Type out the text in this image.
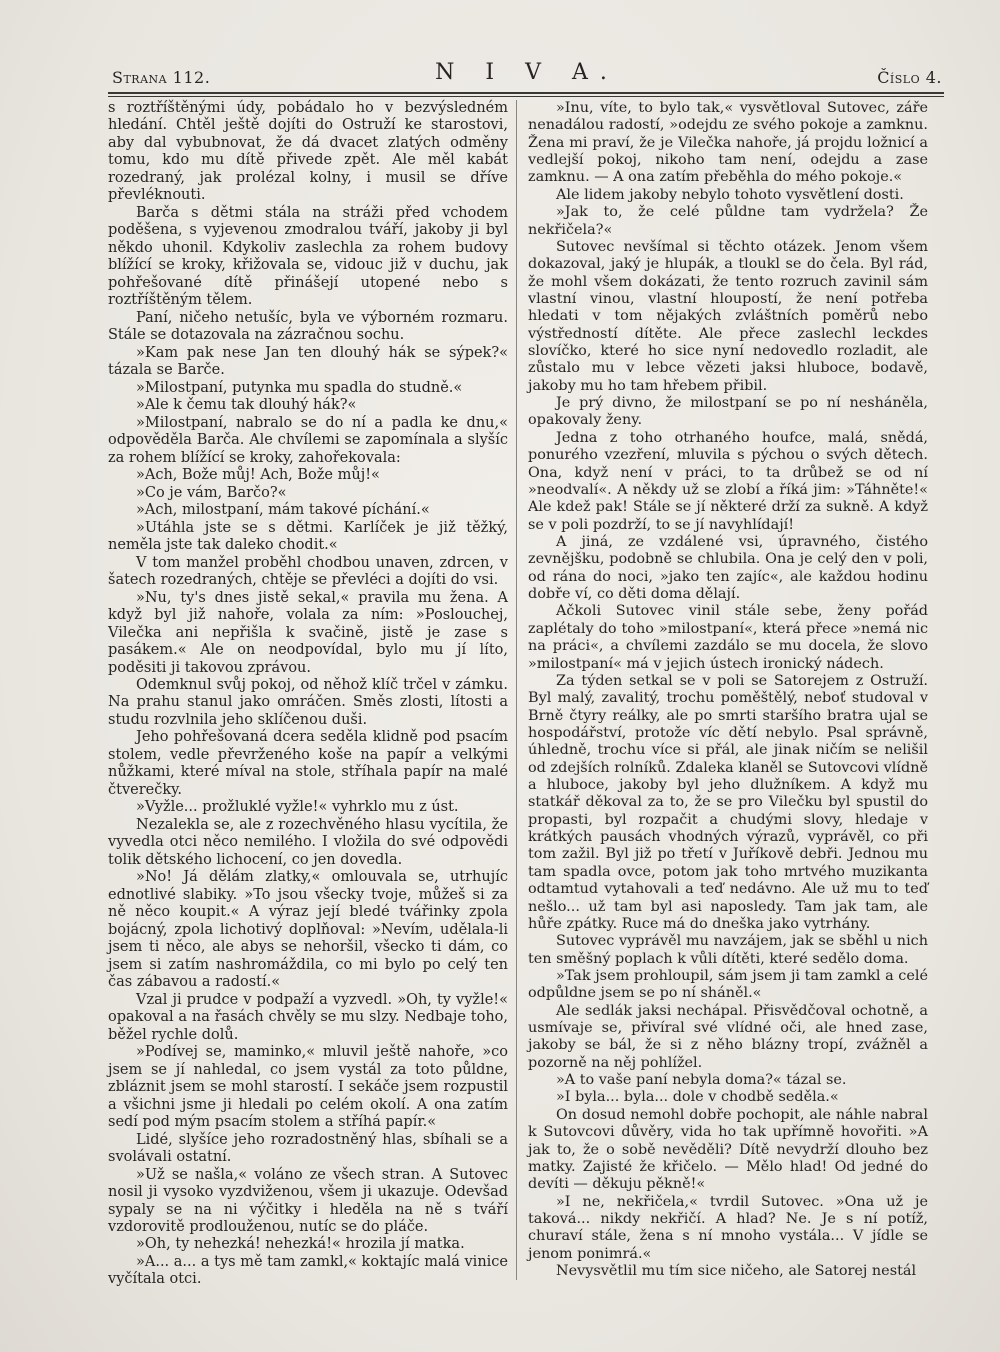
Strana 112.	N I V A.	Číslo 4.

s roztříštěnými údy, pobádalo ho v bezvýsledném hledání. Chtěl ještě dojíti do Ostruží ke starostovi, aby dal vybubnovat, že dá dvacet zlatých odměny tomu, kdo mu dítě přivede zpět. Ale měl kabát rozedraný, jak prolézal kolny, i musil se dříve převléknouti.

Barča s dětmi stála na stráži před vchodem poděšena, s vyjevenou zmodralou tváří, jakoby ji byl někdo uhonil. Kdykoliv zaslechla za rohem budovy blížící se kroky, křižovala se, vidouc již v duchu, jak pohřešované dítě přinášejí utopené nebo s roztříštěným tělem.

Paní, ničeho netušíc, byla ve výborném rozmaru. Stále se dotazovala na zázračnou sochu.

»Kam pak nese Jan ten dlouhý hák se sýpek?« tázala se Barče.

»Milostpaní, putynka mu spadla do studně.«

»Ale k čemu tak dlouhý hák?«

»Milostpaní, nabralo se do ní a padla ke dnu,« odpověděla Barča. Ale chvílemi se zapomínala a slyšíc za rohem blížící se kroky, zahořekovala:

»Ach, Bože můj! Ach, Bože můj!«

»Co je vám, Barčo?«

»Ach, milostpaní, mám takové píchání.«

»Utáhla jste se s dětmi. Karlíček je již těžký, neměla jste tak daleko chodit.«

V tom manžel proběhl chodbou unaven, zdrcen, v šatech rozedraných, chtěje se převléci a dojíti do vsi.

»Nu, ty's dnes jistě sekal,« pravila mu žena. A když byl již nahoře, volala za ním: »Poslouchej, Vilečka ani nepřišla k svačině, jistě je zase s pasákem.« Ale on neodpovídal, bylo mu jí líto, poděsiti ji takovou zprávou.

Odemknul svůj pokoj, od něhož klíč trčel v zámku. Na prahu stanul jako omráčen. Směs zlosti, lítosti a studu rozvlnila jeho sklíčenou duši.

Jeho pohřešovaná dcera seděla klidně pod psacím stolem, vedle převrženého koše na papír a velkými nůžkami, které míval na stole, stříhala papír na malé čtverečky.

»Vyžle... prožluklé vyžle!« vyhrklo mu z úst.

Nezalekla se, ale z rozechvěného hlasu vycítila, že vyvedla otci něco nemilého. I vložila do své odpovědi tolik dětského lichocení, co jen dovedla.

»No! Já dělám zlatky,« omlouvala se, utrhujíc ednotlivé slabiky. »To jsou všecky tvoje, můžeš si za ně něco koupit.« A výraz její bledé tvářinky zpola bojácný, zpola lichotivý doplňoval: »Nevím, udělala-li jsem ti něco, ale abys se nehoršil, všecko ti dám, co jsem si zatím nashromáždila, co mi bylo po celý ten čas zábavou a radostí.«

Vzal ji prudce v podpaží a vyzvedl. »Oh, ty vyžle!« opakoval a na řasách chvěly se mu slzy. Nedbaje toho, běžel rychle dolů.

»Podívej se, maminko,« mluvil ještě nahoře, »co jsem se jí nahledal, co jsem vystál za toto půldne, zbláznit jsem se mohl starostí. I sekáče jsem rozpustil a všichni jsme ji hledali po celém okolí. A ona zatím sedí pod mým psacím stolem a stříhá papír.«

Lidé, slyšíce jeho rozradostněný hlas, sbíhali se a svolávali ostatní.

»Už se našla,« voláno ze všech stran. A Sutovec nosil ji vysoko vyzdviženou, všem ji ukazuje. Odevšad sypaly se na ni výčitky i hleděla na ně s tváří vzdorovitě prodlouženou, nutíc se do pláče.

»Oh, ty nehezká! nehezká!« hrozila jí matka.

»A... a... a tys mě tam zamkl,« koktajíc malá vinice vyčítala otci.

»Inu, víte, to bylo tak,« vysvětloval Sutovec, záře nenadálou radostí, »odejdu ze svého pokoje a zamknu. Žena mi praví, že je Vilečka nahoře, já projdu ložnicí a vedlejší pokoj, nikoho tam není, odejdu a zase zamknu. — A ona zatím přeběhla do mého pokoje.«

Ale lidem jakoby nebylo tohoto vysvětlení dosti.

»Jak to, že celé půldne tam vydržela? Že nekřičela?«

Sutovec nevšímal si těchto otázek. Jenom všem dokazoval, jaký je hlupák, a tloukl se do čela. Byl rád, že mohl všem dokázati, že tento rozruch zavinil sám vlastní vinou, vlastní hloupostí, že není potřeba hledati v tom nějakých zvláštních poměrů nebo výstředností dítěte. Ale přece zaslechl leckdes slovíčko, které ho sice nyní nedovedlo rozladit, ale zůstalo mu v lebce vězeti jaksi hluboce, bodavě, jakoby mu ho tam hřebem přibil.

Je prý divno, že milostpaní se po ní nesháněla, opakovaly ženy.

Jedna z toho otrhaného houfce, malá, snědá, ponurého vzezření, mluvila s pýchou o svých dětech. Ona, když není v práci, to ta drůbež se od ní »neodvalí«. A někdy už se zlobí a říká jim: »Táhněte!« Ale kdež pak! Stále se jí některé drží za sukně. A když se v poli pozdrží, to se jí navyhlídají!

A jiná, ze vzdálené vsi, úpravného, čistého zevnějšku, podobně se chlubila. Ona je celý den v poli, od rána do noci, »jako ten zajíc«, ale každou hodinu dobře ví, co děti doma dělají.

Ačkoli Sutovec vinil stále sebe, ženy pořád zaplétaly do toho »milostpaní«, která přece »nemá nic na práci«, a chvílemi zazdálo se mu docela, že slovo »milostpaní« má v jejich ústech ironický nádech.

Za týden setkal se v poli se Satorejem z Ostruží. Byl malý, zavalitý, trochu poměštělý, neboť studoval v Brně čtyry reálky, ale po smrti staršího bratra ujal se hospodářství, protože víc dětí nebylo. Psal správně, úhledně, trochu více si přál, ale jinak ničím se nelišil od zdejších rolníků. Zdaleka klaněl se Sutovcovi vlídně a hluboce, jakoby byl jeho dlužníkem. A když mu statkář děkoval za to, že se pro Vilečku byl spustil do propasti, byl rozpačit a chudými slovy, hledaje v krátkých pausách vhodných výrazů, vyprávěl, co při tom zažil. Byl již po třetí v Juříkově debři. Jednou mu tam spadla ovce, potom jak toho mrtvého muzikanta odtamtud vytahovali a teď nedávno. Ale už mu to teď nešlo... už tam byl asi naposledy. Tam jak tam, ale hůře zpátky. Ruce má do dneška jako vytrhány.

Sutovec vyprávěl mu navzájem, jak se sběhl u nich ten směšný poplach k vůli dítěti, které sedělo doma.

»Tak jsem prohloupil, sám jsem ji tam zamkl a celé odpůldne jsem se po ní sháněl.«

Ale sedlák jaksi nechápal. Přisvědčoval ochotně, a usmívaje se, přivíral své vlídné oči, ale hned zase, jakoby se bál, že si z něho blázny tropí, zvážněl a pozorně na něj pohlížel.

»A to vaše paní nebyla doma?« tázal se.

»I byla... byla... dole v chodbě seděla.«

On dosud nemohl dobře pochopit, ale náhle nabral k Sutovcovi důvěry, vida ho tak upřímně hovořiti. »A jak to, že o sobě nevěděli? Dítě nevydrží dlouho bez matky. Zajisté že křičelo. — Mělo hlad! Od jedné do devíti — děkuju pěkně!«

»I ne, nekřičela,« tvrdil Sutovec. »Ona už je taková... nikdy nekřičí. A hlad? Ne. Je s ní potíž, churaví stále, žena s ní mnoho vystála... V jídle se jenom ponimrá.«

Nevysvětlil mu tím sice ničeho, ale Satorej nestál
